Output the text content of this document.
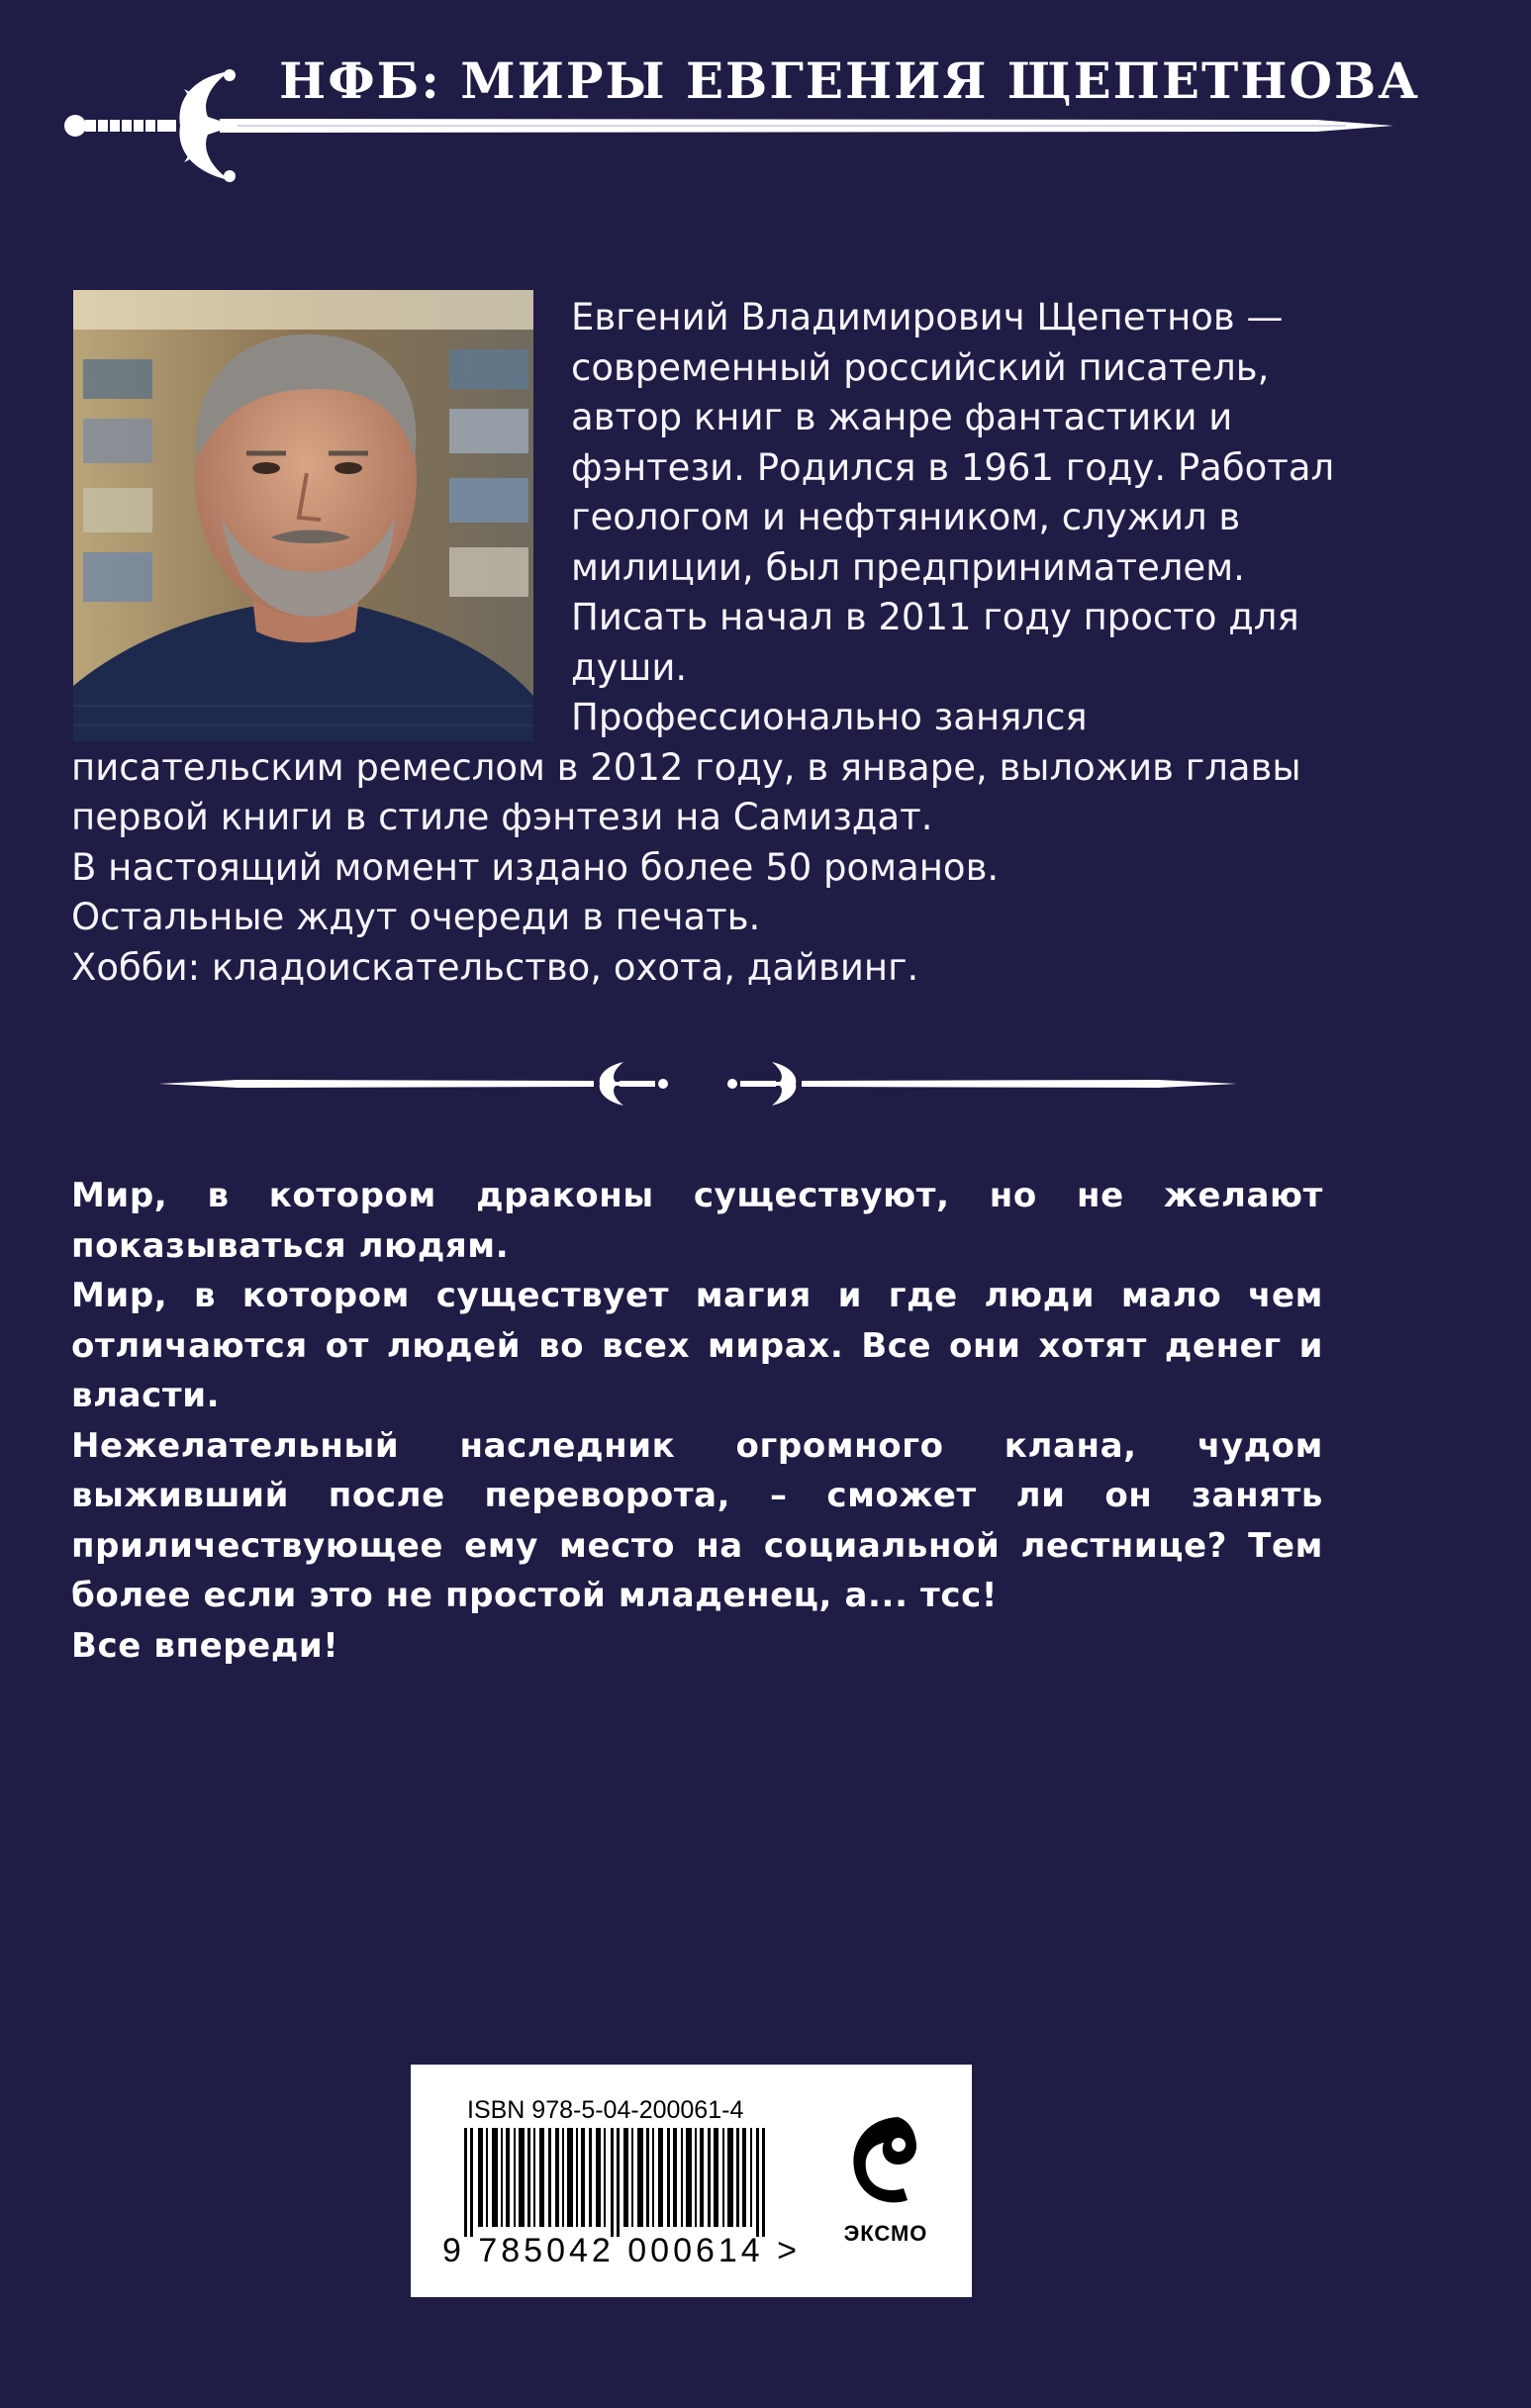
НФБ: МИРЫ ЕВГЕНИЯ ЩЕПЕТНОВА

Евгений Владимирович Щепетнов —

современный российский писатель,

автор книг в жанре фантастики и

фэнтези. Родился в 1961 году. Работал

геологом и нефтяником, служил в

милиции, был предпринимателем.

Писать начал в 2011 году просто для

души.

Профессионально занялся

писательским ремеслом в 2012 году, в январе, выложив главы

первой книги в стиле фэнтези на Самиздат.

В настоящий момент издано более 50 романов.

Остальные ждут очереди в печать.

Хобби: кладоискательство, охота, дайвинг.

Мир, в котором драконы существуют, но не желают показываться людям.

Мир, в котором существует магия и где люди мало чем отличаются от людей во всех мирах. Все они хотят денег и власти.

Нежелательный наследник огромного клана, чудом выживший после переворота, – сможет ли он занять приличествующее ему место на социальной лестнице? Тем более если это не простой младенец, а... тсс!

Все впереди!

ISBN 978-5-04-200061-4
9 785042 000614 >	ЭКСМО
